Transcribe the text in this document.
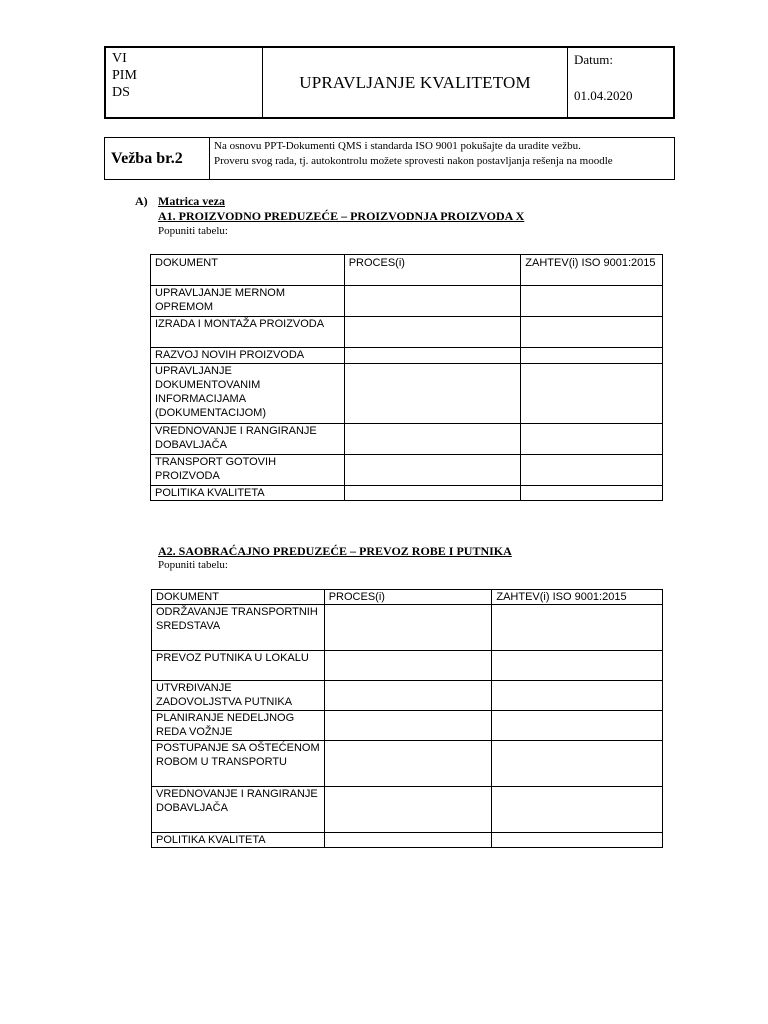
VI
PIM
DS
	UPRAVLJANJE KVALITETOM	
Datum:
01.04.2020
Vežba br.2	Na osnovu PPT-Dokumenti QMS i standarda ISO 9001 pokušajte da uradite vežbu.
Proveru svog rada, tj. autokontrolu možete sprovesti nakon postavljanja rešenja na moodle
A) Matrica veza
A1. PROIZVODNO PREDUZEĆE – PROIZVODNJA PROIZVODA X
Popuniti tabelu:
DOKUMENT	PROCES(i)	ZAHTEV(i) ISO 9001:2015
UPRAVLJANJE MERNOM OPREMOM		
IZRADA I MONTAŽA PROIZVODA		
RAZVOJ NOVIH PROIZVODA		
UPRAVLJANJE DOKUMENTOVANIM INFORMACIJAMA (DOKUMENTACIJOM)		
VREDNOVANJE I RANGIRANJE DOBAVLJAČA		
TRANSPORT GOTOVIH PROIZVODA		
POLITIKA KVALITETA		
A2. SAOBRAĆAJNO PREDUZEĆE – PREVOZ ROBE I PUTNIKA
Popuniti tabelu:
DOKUMENT	PROCES(i)	ZAHTEV(i) ISO 9001:2015
ODRŽAVANJE TRANSPORTNIH SREDSTAVA		
PREVOZ PUTNIKA U LOKALU		
UTVRĐIVANJE ZADOVOLJSTVA PUTNIKA		
PLANIRANJE NEDELJNOG REDA VOŽNJE		
POSTUPANJE SA OŠTEĆENOM ROBOM U TRANSPORTU		
VREDNOVANJE I RANGIRANJE DOBAVLJAČA		
POLITIKA KVALITETA		
